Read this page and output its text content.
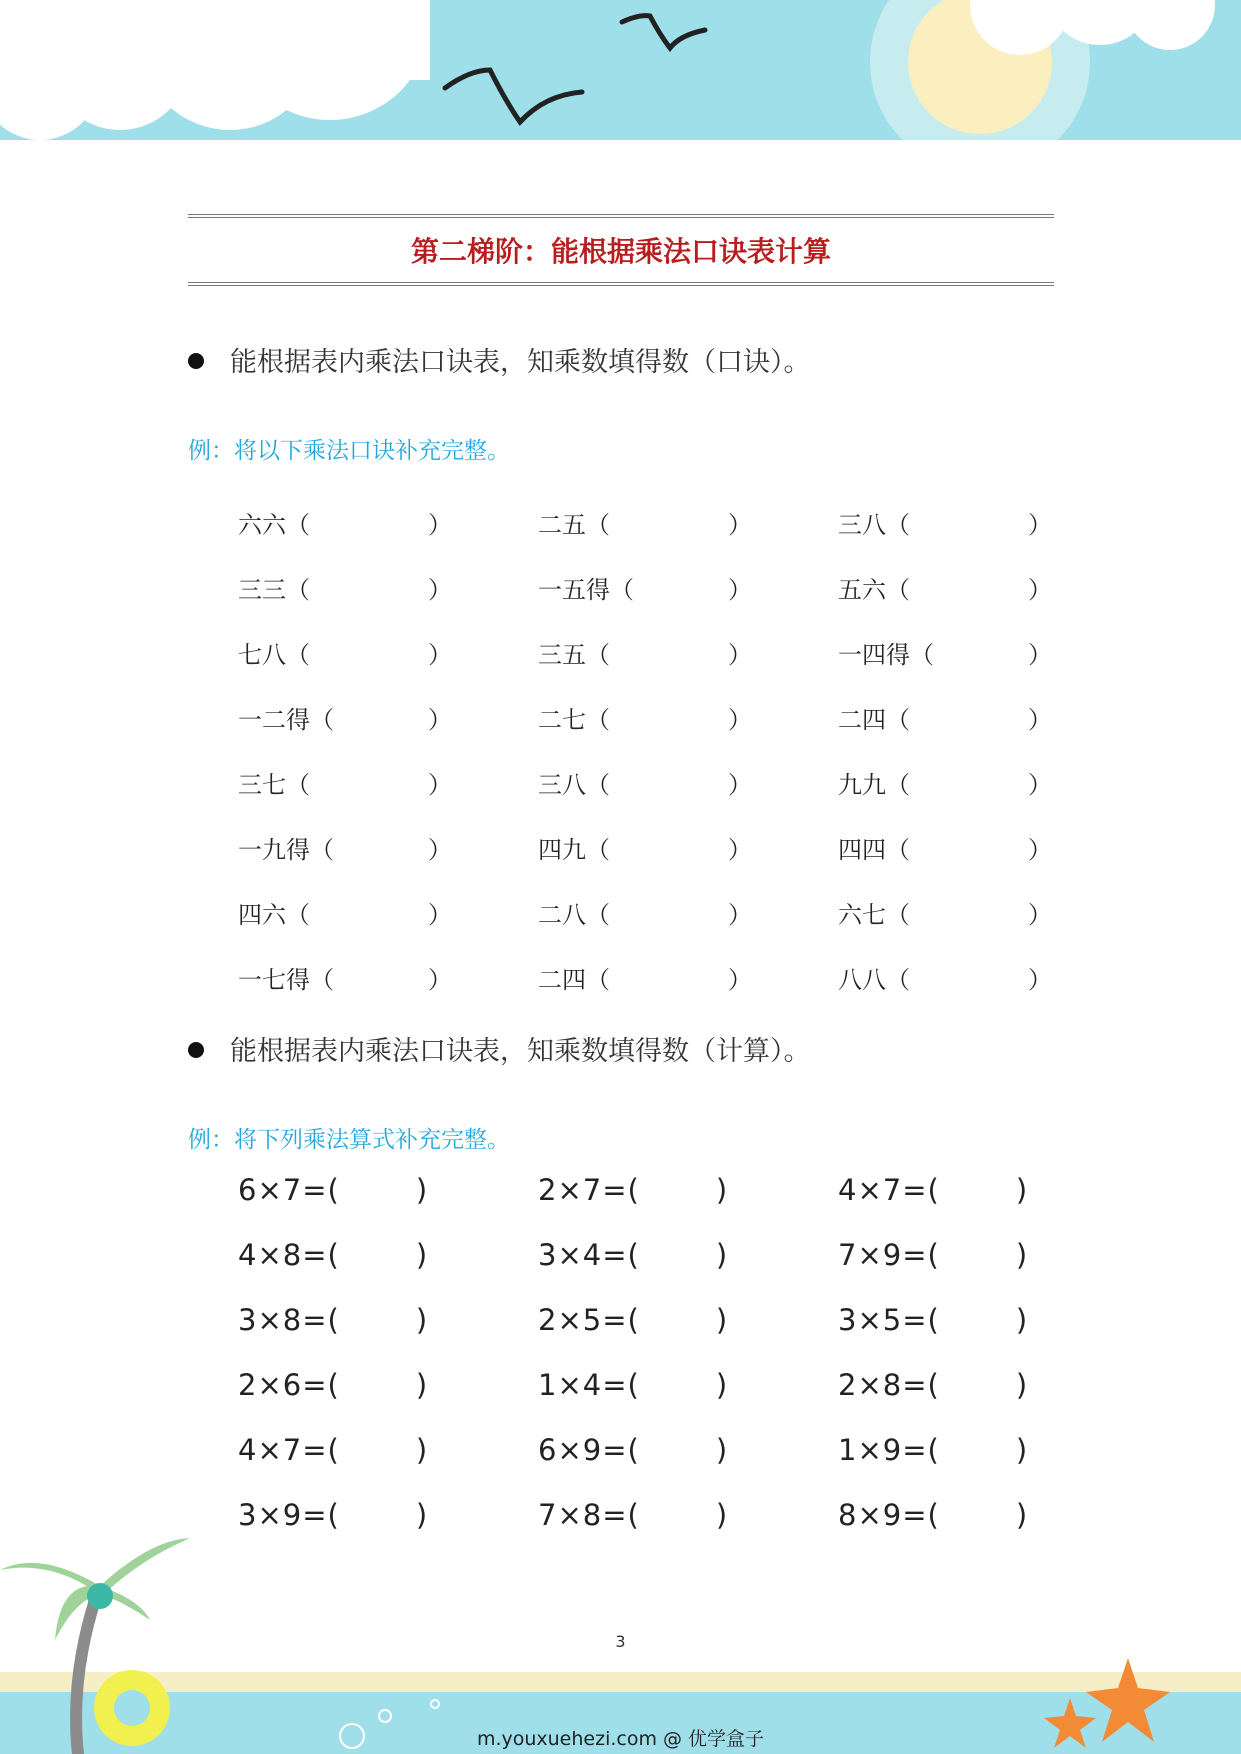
第二梯阶：能根据乘法口诀表计算
能根据表内乘法口诀表，知乘数填得数（口诀）。
例：将以下乘法口诀补充完整。
六六（	）	二五（	）	三八（	）
三三（	）	一五得（	）	五六（	）
七八（	）	三五（	）	一四得（	）
一二得（	）	二七（	）	二四（	）
三七（	）	三八（	）	九九（	）
一九得（	）	四九（	）	四四（	）
四六（	）	二八（	）	六七（	）
一七得（	）	二四（	）	八八（	）
能根据表内乘法口诀表，知乘数填得数（计算）。
例：将下列乘法算式补充完整。
6×7=(	)	2×7=(	)	4×7=(	)
4×8=(	)	3×4=(	)	7×9=(	)
3×8=(	)	2×5=(	)	3×5=(	)
2×6=(	)	1×4=(	)	2×8=(	)
4×7=(	)	6×9=(	)	1×9=(	)
3×9=(	)	7×8=(	)	8×9=(	)
3
m.youxuehezi.com @ 优学盒子
